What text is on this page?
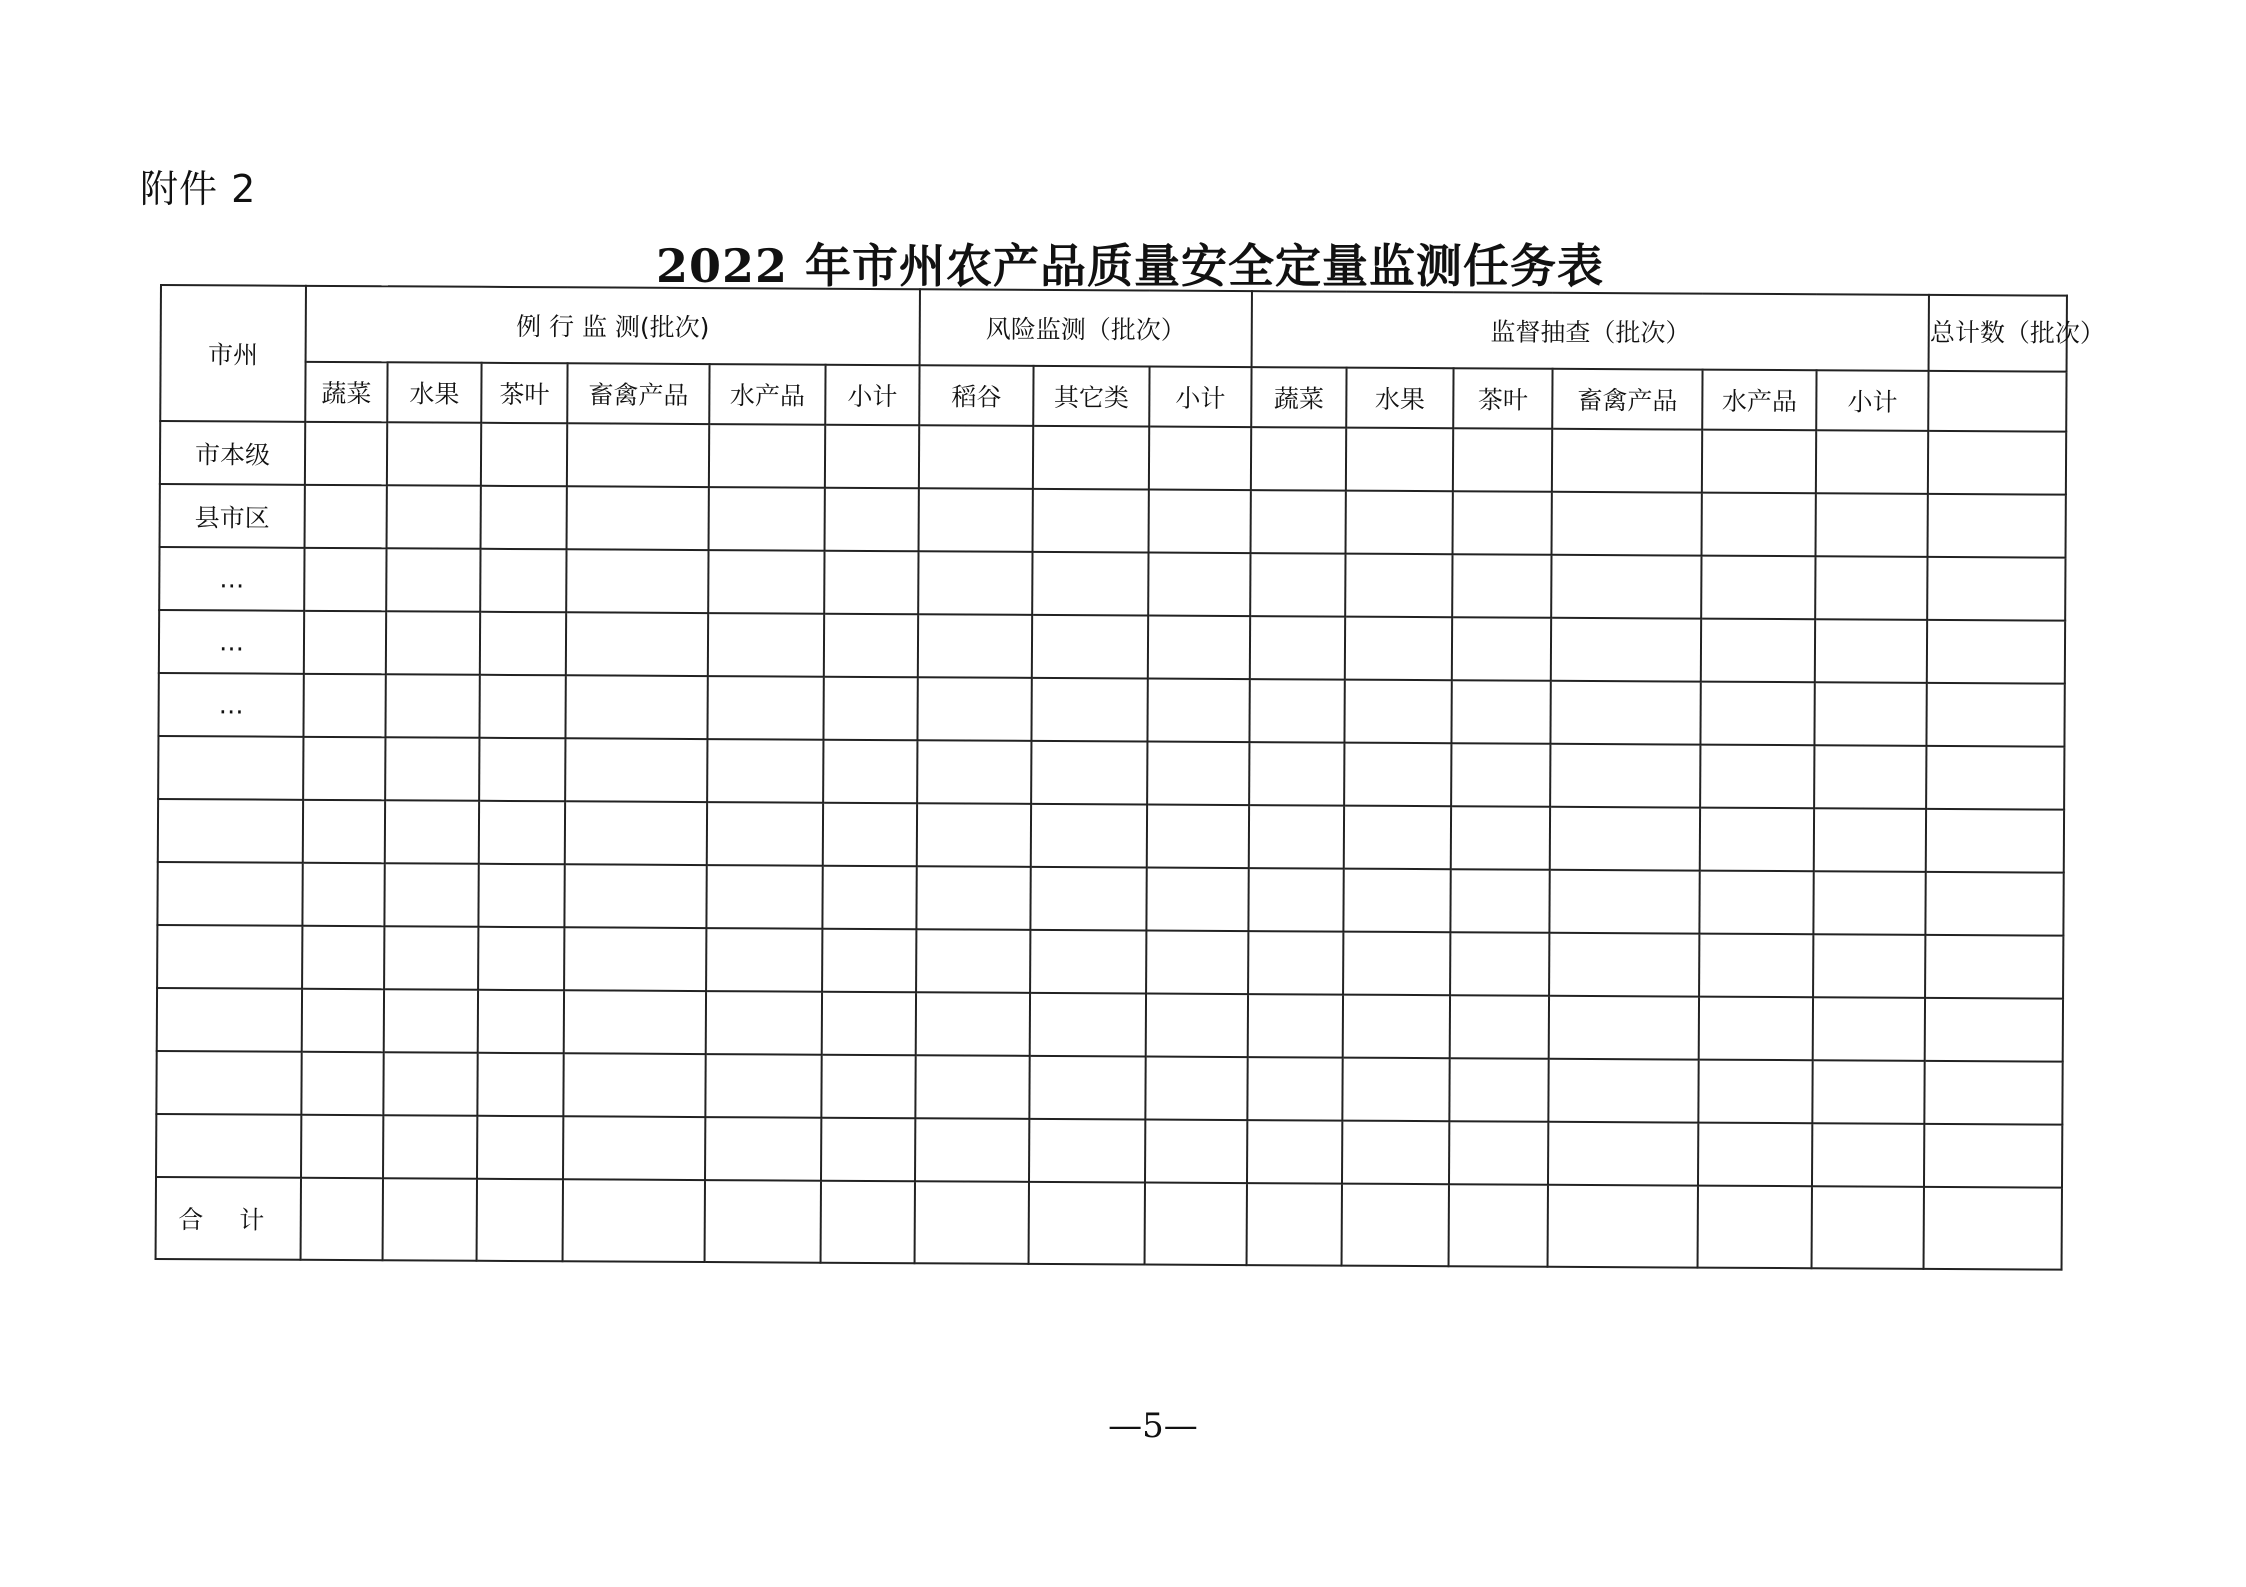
附件 2
2022 年市州农产品质量安全定量监测任务表
市州	例 行 监 测(批次)						风险监测（批次）			监督抽查（批次）						总计数（批次）
	蔬菜	水果	茶叶	畜禽产品	水产品	小计	稻谷	其它类	小计	蔬菜	水果	茶叶	畜禽产品	水产品	小计	
市本级																
县市区																
…																
…																
…																

合 计																
—5—
